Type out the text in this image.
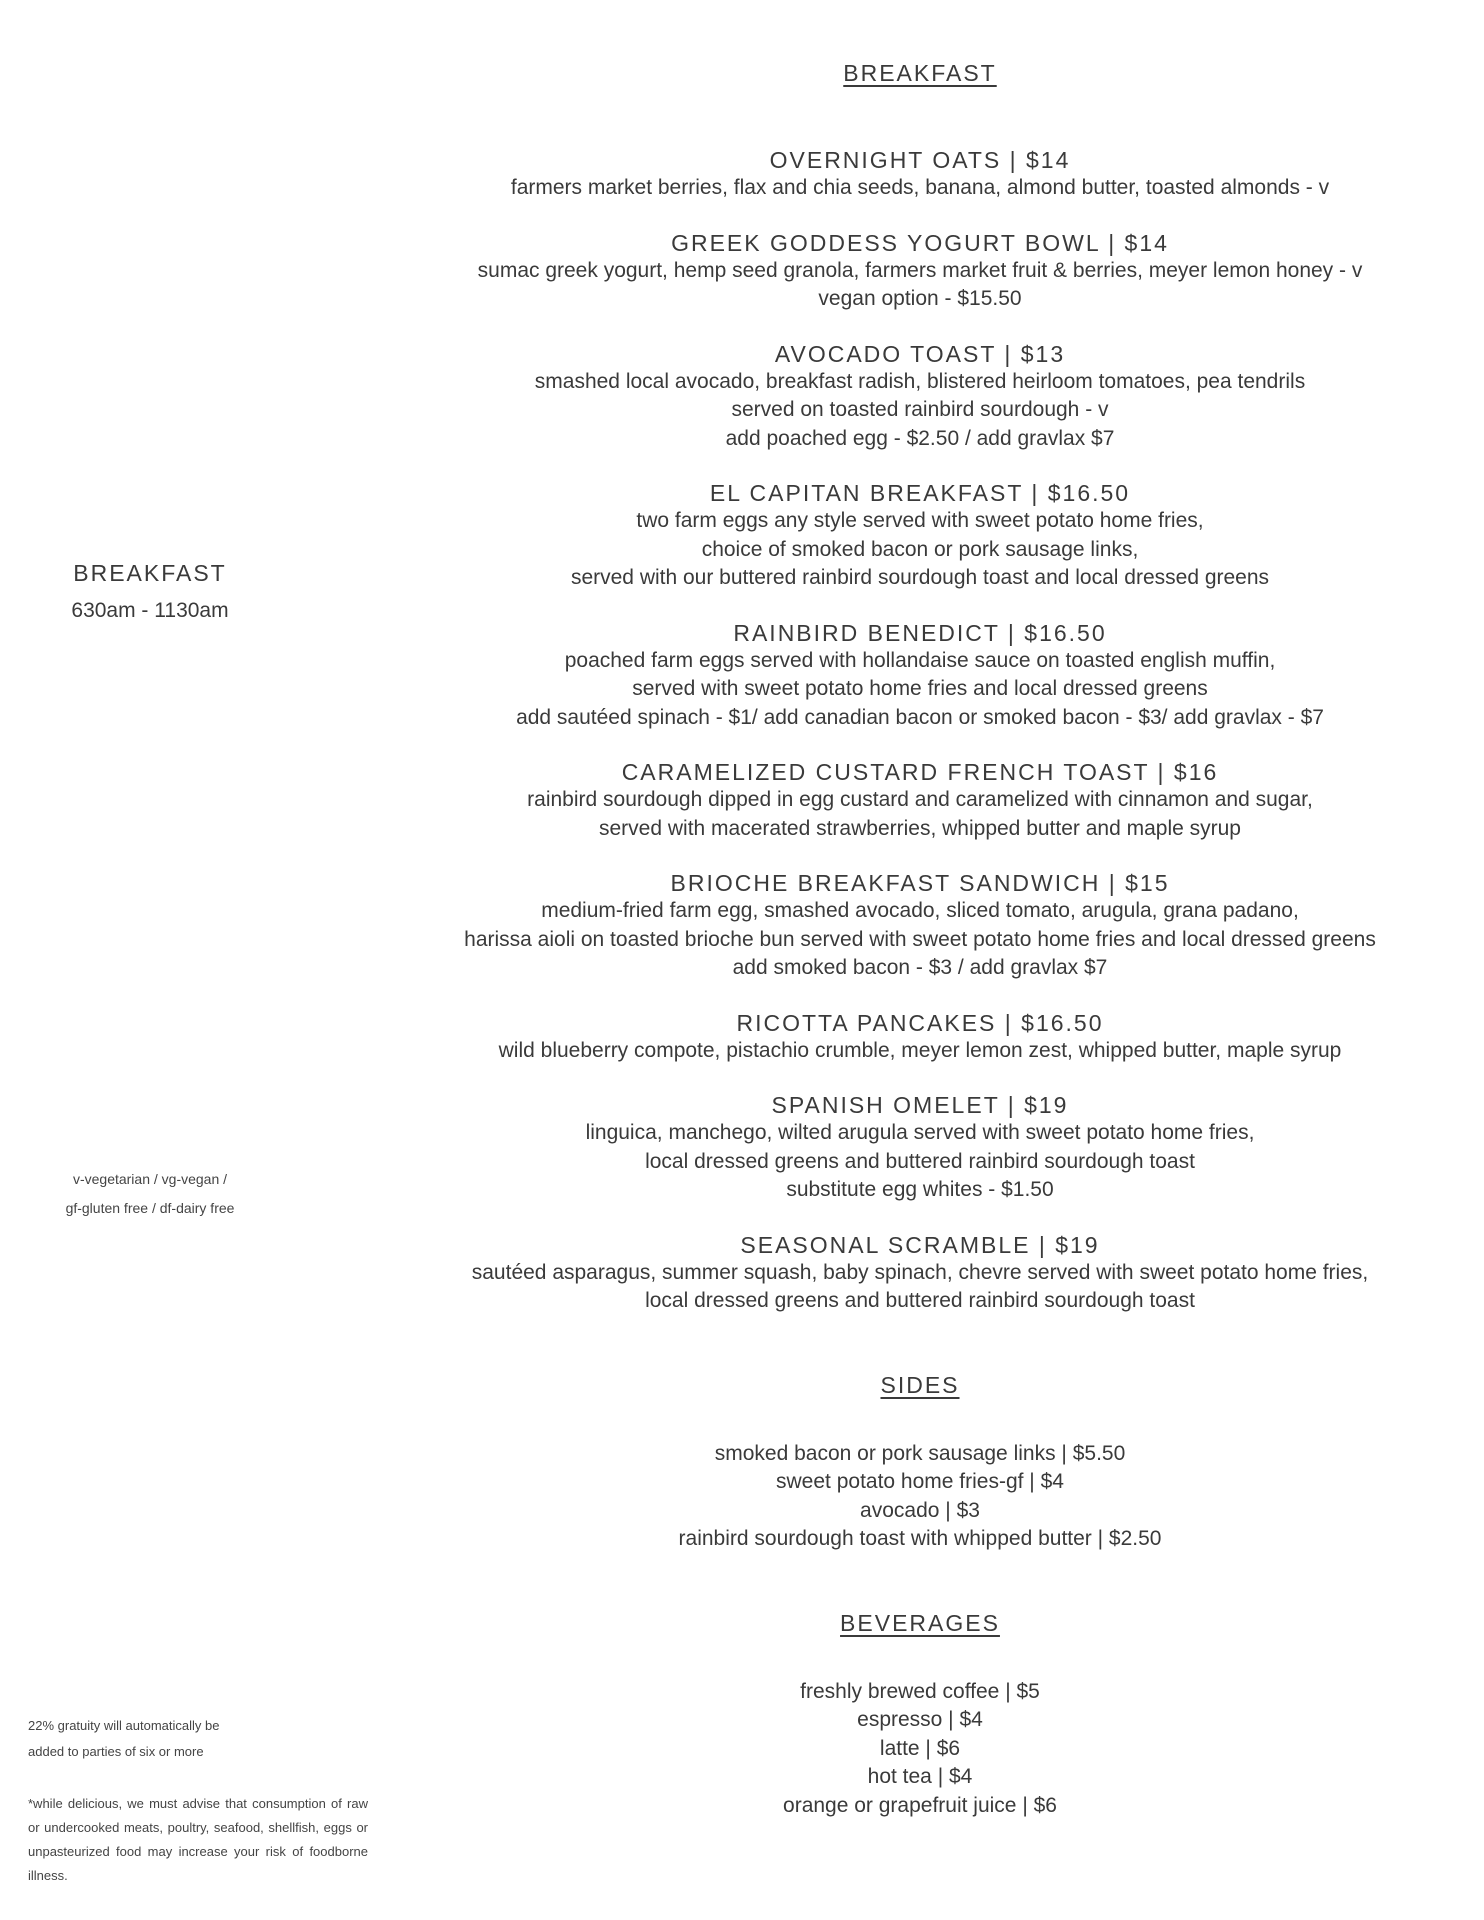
BREAKFAST
630am - 1130am
v-vegetarian / vg-vegan /
gf-gluten free / df-dairy free
22% gratuity will automatically be
added to parties of six or more
*while delicious, we must advise that consumption of raw or undercooked meats, poultry, seafood, shellfish, eggs or unpasteurized food may increase your risk of foodborne illness.
BREAKFAST
OVERNIGHT OATS | $14
farmers market berries, flax and chia seeds, banana, almond butter, toasted almonds - v
GREEK GODDESS YOGURT BOWL | $14
sumac greek yogurt, hemp seed granola, farmers market fruit & berries, meyer lemon honey - v
vegan option - $15.50
AVOCADO TOAST | $13
smashed local avocado, breakfast radish, blistered heirloom tomatoes, pea tendrils
served on toasted rainbird sourdough - v
add poached egg - $2.50 / add gravlax $7
EL CAPITAN BREAKFAST | $16.50
two farm eggs any style served with sweet potato home fries,
choice of smoked bacon or pork sausage links,
served with our buttered rainbird sourdough toast and local dressed greens
RAINBIRD BENEDICT | $16.50
poached farm eggs served with hollandaise sauce on toasted english muffin,
served with sweet potato home fries and local dressed greens
add sautéed spinach - $1/ add canadian bacon or smoked bacon - $3/ add gravlax - $7
CARAMELIZED CUSTARD FRENCH TOAST | $16
rainbird sourdough dipped in egg custard and caramelized with cinnamon and sugar,
served with macerated strawberries, whipped butter and maple syrup
BRIOCHE BREAKFAST SANDWICH | $15
medium-fried farm egg, smashed avocado, sliced tomato, arugula, grana padano,
harissa aioli on toasted brioche bun served with sweet potato home fries and local dressed greens
add smoked bacon - $3 / add gravlax $7
RICOTTA PANCAKES | $16.50
wild blueberry compote, pistachio crumble, meyer lemon zest, whipped butter, maple syrup
SPANISH OMELET | $19
linguica, manchego, wilted arugula served with sweet potato home fries,
local dressed greens and buttered rainbird sourdough toast
substitute egg whites - $1.50
SEASONAL SCRAMBLE | $19
sautéed asparagus, summer squash, baby spinach, chevre served with sweet potato home fries,
local dressed greens and buttered rainbird sourdough toast
SIDES
smoked bacon or pork sausage links | $5.50
sweet potato home fries-gf | $4
avocado | $3
rainbird sourdough toast with whipped butter | $2.50
BEVERAGES
freshly brewed coffee | $5
espresso | $4
latte | $6
hot tea | $4
orange or grapefruit juice | $6
